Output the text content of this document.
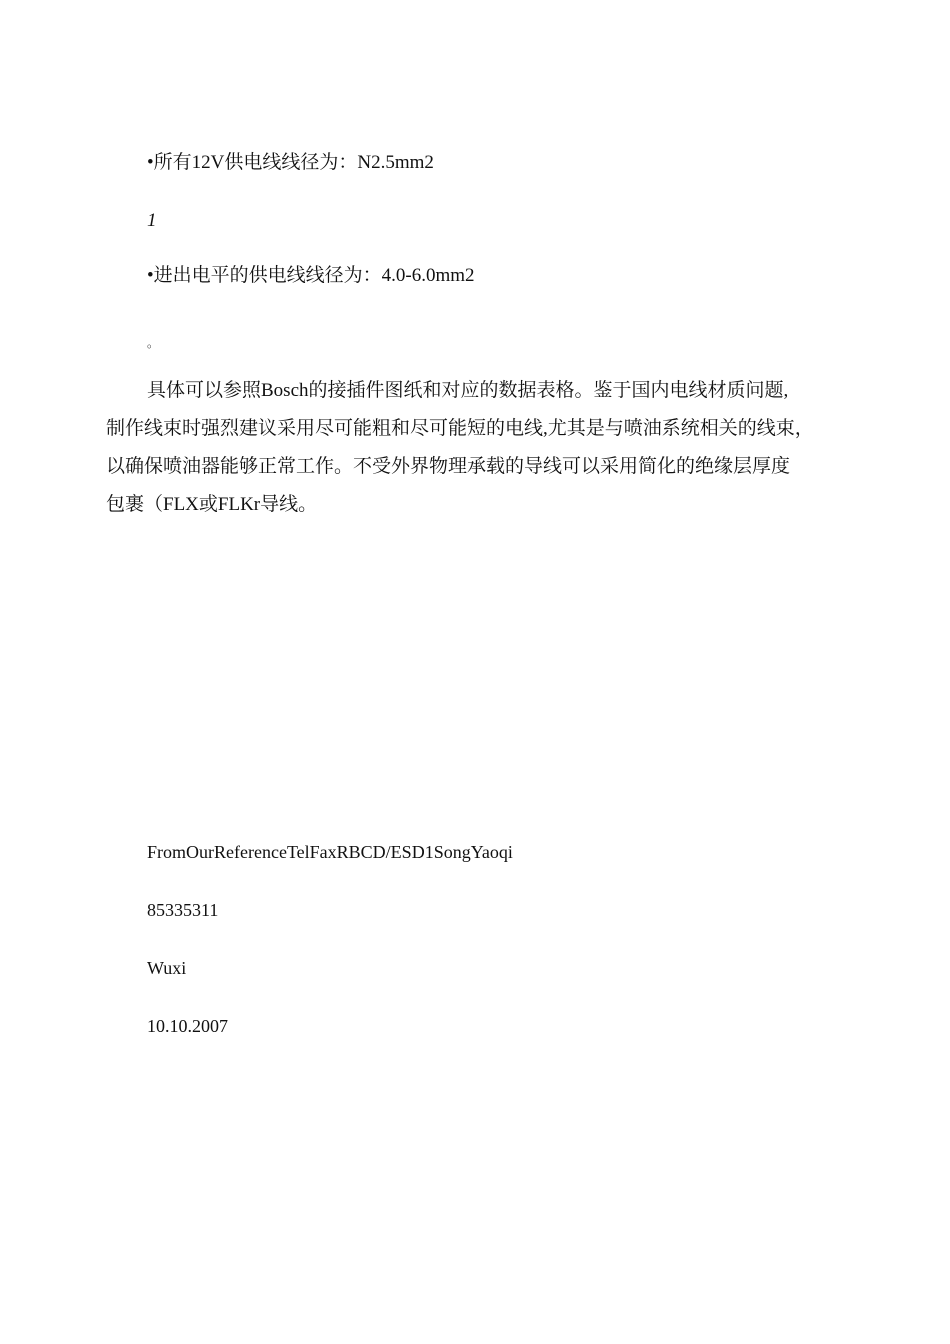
•所有12V供电线线径为：N2.5mm2
1
•进出电平的供电线线径为：4.0-6.0mm2
。
具体可以参照Bosch的接插件图纸和对应的数据表格。鉴于国内电线材质问题,
制作线束时强烈建议采用尽可能粗和尽可能短的电线,尤其是与喷油系统相关的线束，
以确保喷油器能够正常工作。不受外界物理承载的导线可以采用简化的绝缘层厚度
包裹（FLX或FLKr导线。
FromOurReferenceTelFaxRBCD/ESD1SongYaoqi
85335311
Wuxi
10.10.2007
